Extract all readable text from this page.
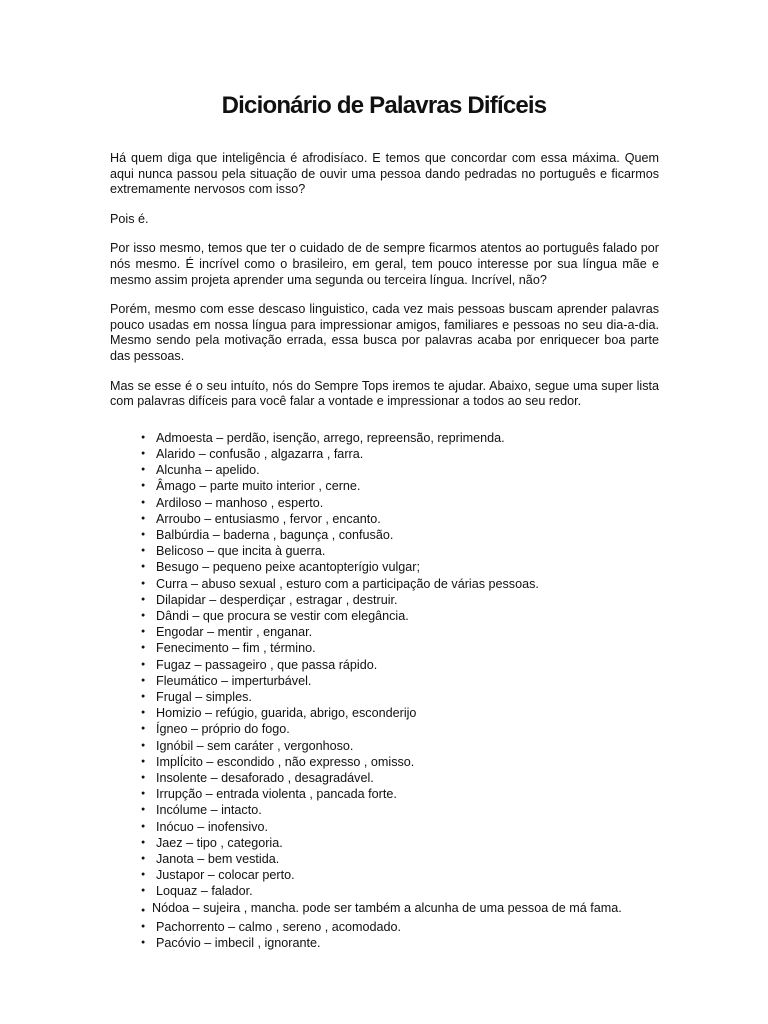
Dicionário de Palavras Difíceis

Há quem diga que inteligência é afrodisíaco. E temos que concordar com essa máxima. Quem aqui nunca passou pela situação de ouvir uma pessoa dando pedradas no português e ficarmos extremamente nervosos com isso?

Pois é.

Por isso mesmo, temos que ter o cuidado de de sempre ficarmos atentos ao português falado por nós mesmo. É incrível como o brasileiro, em geral, tem pouco interesse por sua língua mãe e mesmo assim projeta aprender uma segunda ou terceira língua. Incrível, não?

Porém, mesmo com esse descaso linguistico, cada vez mais pessoas buscam aprender palavras pouco usadas em nossa língua para impressionar amigos, familiares e pessoas no seu dia-a-dia. Mesmo sendo pela motivação errada, essa busca por palavras acaba por enriquecer boa parte das pessoas.

Mas se esse é o seu intuíto, nós do Sempre Tops iremos te ajudar. Abaixo, segue uma super lista com palavras difíceis para você falar a vontade e impressionar a todos ao seu redor.

● Admoesta – perdão, isenção, arrego, repreensão, reprimenda.
● Alarido – confusão , algazarra , farra.
● Alcunha – apelido.
● Âmago – parte muito interior , cerne.
● Ardiloso – manhoso , esperto.
● Arroubo – entusiasmo , fervor , encanto.
● Balbúrdia – baderna , bagunça , confusão.
● Belicoso – que incita à guerra.
● Besugo – pequeno peixe acantopterígio vulgar;
● Curra – abuso sexual , esturo com a participação de várias pessoas.
● Dilapidar – desperdiçar , estragar , destruir.
● Dândi – que procura se vestir com elegância.
● Engodar – mentir , enganar.
● Fenecimento – fim , término.
● Fugaz – passageiro , que passa rápido.
● Fleumático – imperturbável.
● Frugal – simples.
● Homizio – refúgio, guarida, abrigo, esconderijo
● Ígneo – próprio do fogo.
● Ignóbil – sem caráter , vergonhoso.
● ImplÍcito – escondido , não expresso , omisso.
● Insolente – desaforado , desagradável.
● Irrupção – entrada violenta , pancada forte.
● Incólume – intacto.
● Inócuo – inofensivo.
● Jaez – tipo , categoria.
● Janota – bem vestida.
● Justapor – colocar perto.
● Loquaz – falador.
● Nódoa – sujeira , mancha. pode ser também a alcunha de uma pessoa de má fama.
● Pachorrento – calmo , sereno , acomodado.
● Pacóvio – imbecil , ignorante.
